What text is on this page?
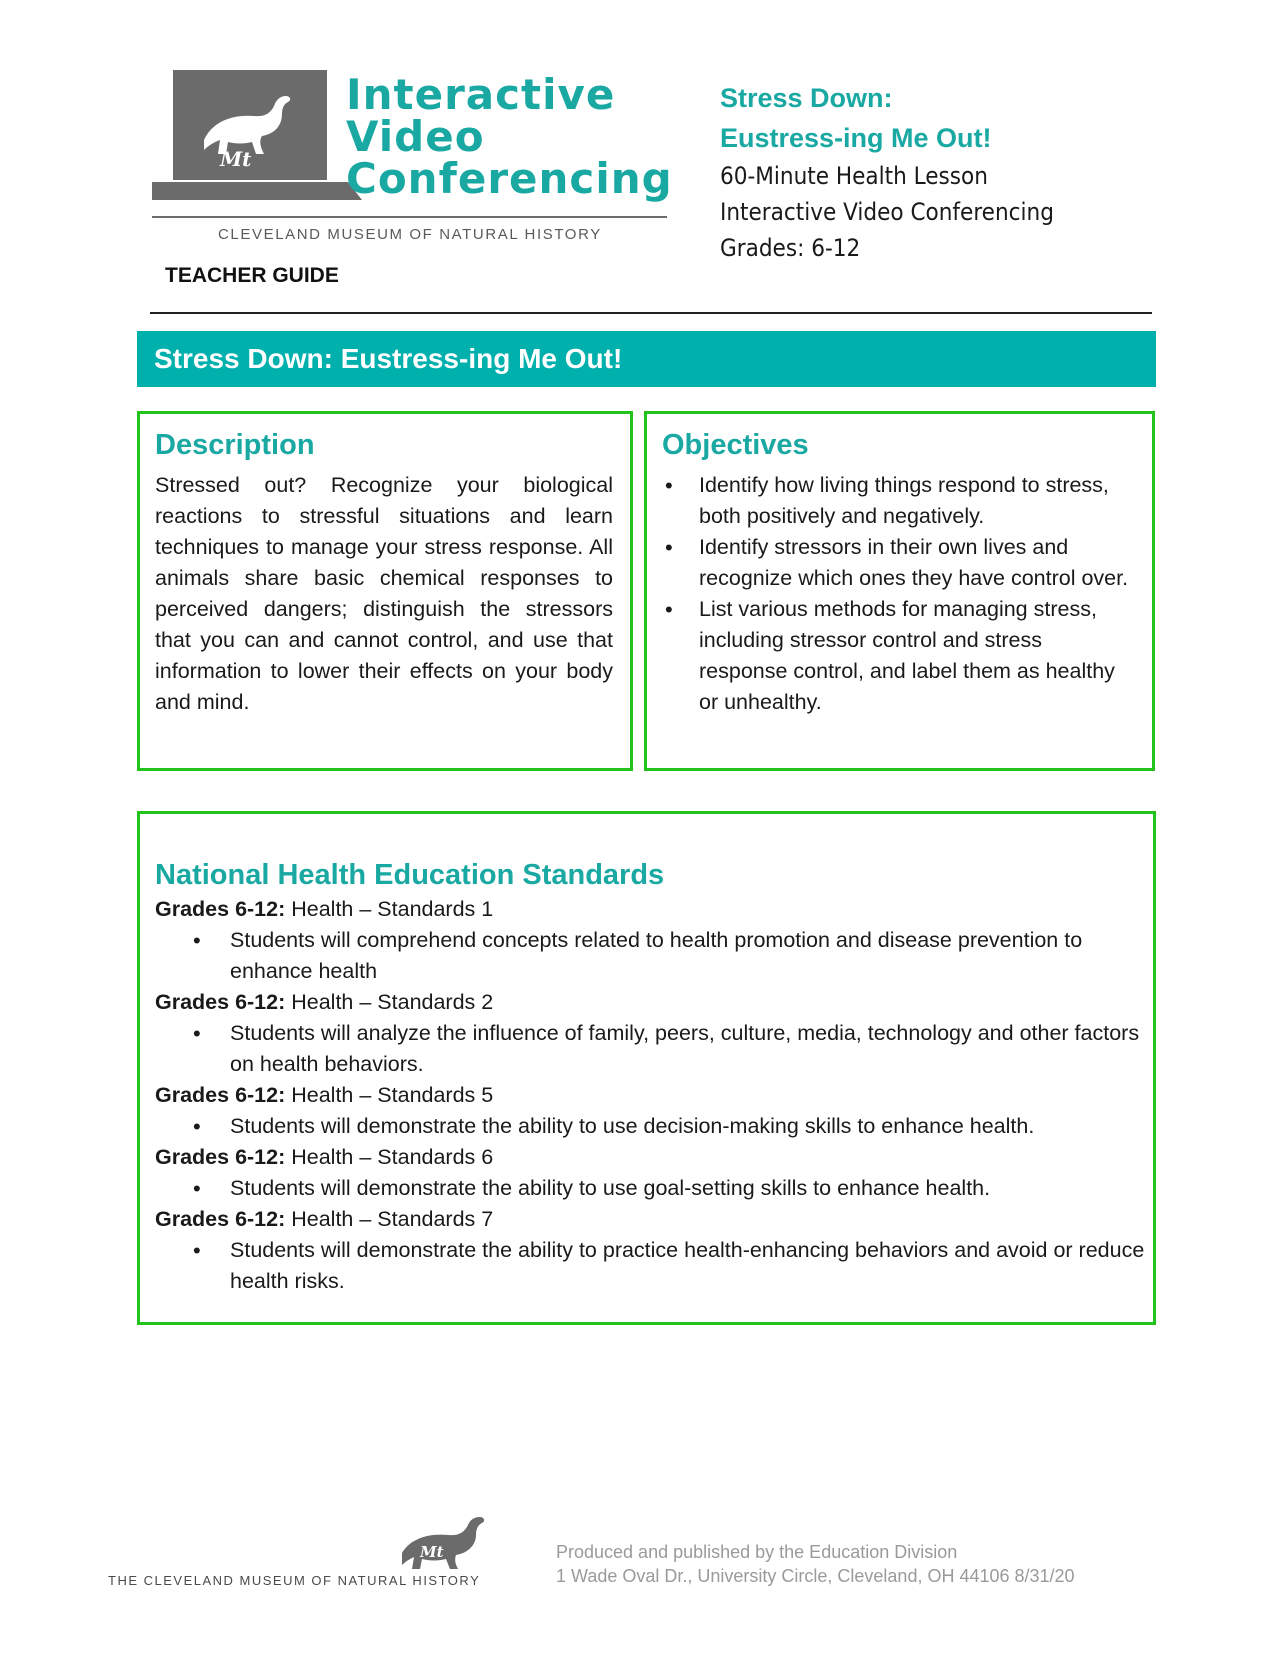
Mt
Interactive
Video
Conferencing
CLEVELAND MUSEUM OF NATURAL HISTORY
TEACHER GUIDE
Stress Down:
Eustress-ing Me Out!
60-Minute Health Lesson
Interactive Video Conferencing
Grades: 6-12
Stress Down: Eustress-ing Me Out!
Description
Stressed out? Recognize your biological reactions to stressful situations and learn techniques to manage your stress response. All animals share basic chemical responses to perceived dangers; distinguish the stressors that you can and cannot control, and use that information to lower their effects on your body and mind.
Objectives
• Identify how living things respond to stress, both positively and negatively.
• Identify stressors in their own lives and recognize which ones they have control over.
• List various methods for managing stress, including stressor control and stress response control, and label them as healthy or unhealthy.
National Health Education Standards
Grades 6-12: Health – Standards 1
• Students will comprehend concepts related to health promotion and disease prevention to enhance health
Grades 6-12: Health – Standards 2
• Students will analyze the influence of family, peers, culture, media, technology and other factors on health behaviors.
Grades 6-12: Health – Standards 5
• Students will demonstrate the ability to use decision-making skills to enhance health.
Grades 6-12: Health – Standards 6
• Students will demonstrate the ability to use goal-setting skills to enhance health.
Grades 6-12: Health – Standards 7
• Students will demonstrate the ability to practice health-enhancing behaviors and avoid or reduce health risks.
Mt
THE CLEVELAND MUSEUM OF NATURAL HISTORY
Produced and published by the Education Division
1 Wade Oval Dr., University Circle, Cleveland, OH 44106 8/31/20
